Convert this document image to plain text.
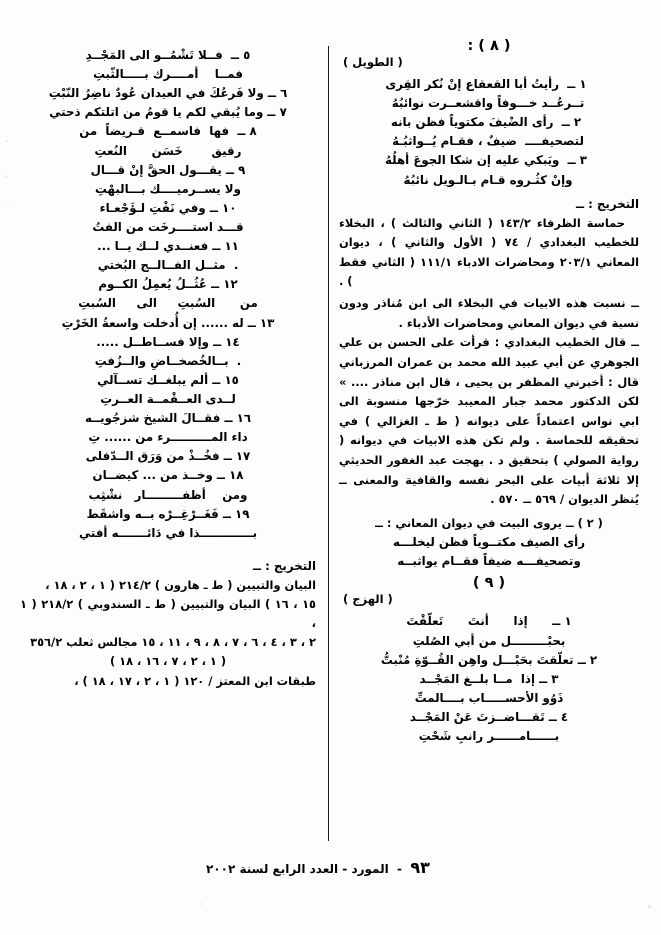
( ٨ ) :
( الطويل )
١ ــ  رأيتُ أبا القعقاع إنْ نُكر القِرى
تــرعُــد خـــوفاً واقشعــرت نوائبُهُ
٢ ــ  رأى الضْيفَ مكتوياً فظن بانه
لتصحيفــــ  ضيفٌ ، فقـام يُــواثبُـهُ
٣ ــ  ويَبكي عليه إن شكا الجوعَ أهلُهُ
وإنْ كثُـروه قـام بـالـويل نائبُهُ
التخريج : ــ
حماسة الظرفاء ١٤٣/٢ ( الثاني والثالث ) ، البخلاء للخطيب البغدادي / ٧٤ ( الأول والثاني ) ، ديوان المعاني ٢٠٣/١ ومحاضرات الادباء ١١١/١ ( الثاني فقط ) .
ــ نسبت هذه الابيات في البخلاء الى ابن مُناذر ودون نسبة في ديوان المعاني ومحاضرات الأدباء .
ــ قال الخطيب البغدادي : قرأت على الحسن بن علي الجوهري عن أبي عبيد الله محمد بن عمران المرزباني قال : أخبرني المظفر بن يحيى ، قال ابن مناذر .... » لكن الدكتور محمد جبار المعيبد خرّجها منسوبة الى ابي نواس اعتماداً على ديوانه ( ط ـ الغزالي ) في تحقيقه للحماسة . ولم تكن هذه الابيات في ديوانه ( رواية الصولي ) بتحقيق د . بهجت عبد الغفور الحديثي إلا ثلاثة أبيات على البحر نفسه والقافية والمعنى ــ يُنظر الديوان / ٥٦٩ ــ ٥٧٠ .
( ٢ ) ــ يروى البيت في ديوان المعاني : ــ
رأى الصيف مكتــوياً فظن ليخلـــه
وتصحيفـــه ضيفاً فقــام يواثبــه
( ٩ )
( الهزج )
١ ــ      إذا      أنتَ      تَعلّقْتَ
بحبْـــــــــل من أبي الصُلتِ
٢ ــ تعلّقتَ بحَبْـــل واهِن القُــوّةِ مُنْبتُّ
٣ ــ إذا  مــا بلــغ المَجْــد
ذَوُو الأحســـــاب بــــالمتِّ
٤ ــ تَقـــاضــزتَ عَنْ المَجْــد
بــــــامــــــر رانبِ شَحْتِ
٥ ــ  فــلا تَشْمُــو الى المَجْــدِ
فمــا    أمــــرك بـــــالثّبتِ
٦ ــ ولا فَرعُكَ في العيدان عُودٌ ناضِرُ النّبْتِ
٧ ــ وما يُبقي لكم يا قومُ من اتلتكم ذحتي
٨ ــ  فها  فاسمــع  قـريضاً  من
رقيق       خَسَن      النُعتِ
٩ ــ يقـــول الحقَّ إنْ قـــال
ولا يســرميــــك بـــالبهْتِ
١٠ ــ وفي نَفْتِ لـؤَجْعـاء
قـــد استــــرخَت من الفتُ
١١ ــ فعنــدي لــك يــا ...
.  مثــل الفــالــج البُختي
١٢ ــ عُثُــلُ يُعمِلُ الكــوم
من      السُبتِ     الى     السُبتِ
١٣ ــ له ...... إن أُدخلت واسعةُ الخَرْتِ
١٤ ــ وإلا فســاطــل .....
.  بــالخُصخــاضِ والــزُفتِ
١٥ ــ ألم يبلغــك تســآلي
لــدى العــقْمــة العــرتِ
١٦ ــ فقــالَ الشيخ شزجُويــه
داء المــــــــــرء من ...... تِ
١٧ ــ فخُــذْ من وَرَق الــدّفلى
١٨ ــ وخــذ من ... كيضــان
ومن    أظفـــــــــار   نشْثِب
١٩ ــ فَغَــرْغِــرْه بــه واشقَط
بـــــــــــــذا في دَائـــــــه أفتي
التخريج : ــ
البيان والتبيين ( ط ـ هارون ) ٢١٤/٢ ( ١ ، ٢ ، ١٨ ،
١٥ ، ١٦ ) البيان والتبيين ( ط ـ السندوبي ) ٢١٨/٢ ( ١ ،
٢ ، ٣ ، ٤ ، ٦ ، ٧ ، ٨ ، ٩ ، ١١ ، ١٥ مجالس ثعلب ٣٥٦/٢
( ١ ، ٢ ، ٧ ، ١٦ ، ١٨ )
طبقات ابن المعتز / ١٢٠ ( ١ ، ٢ ، ١٧ ، ١٨ ) ،

٩٣  -  المورد - العدد الرابع لسنة ٢٠٠٢
